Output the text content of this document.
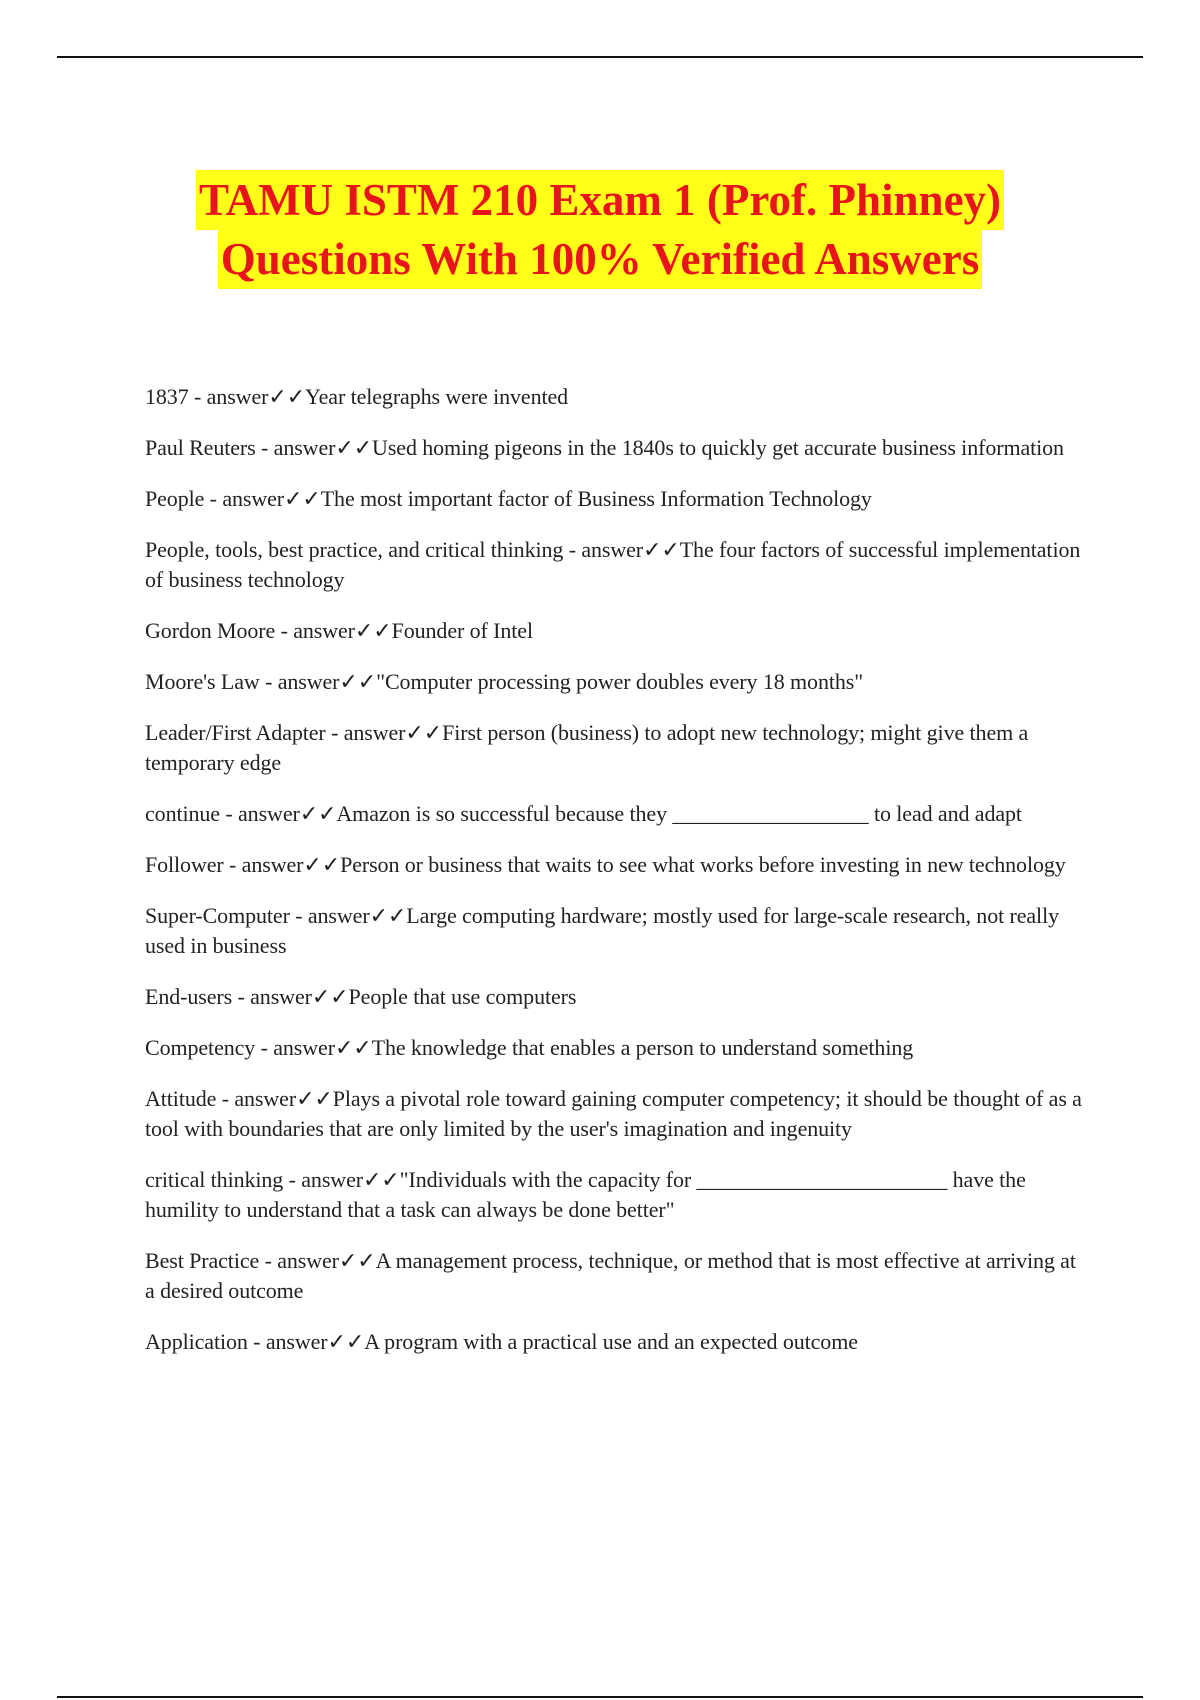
TAMU ISTM 210 Exam 1 (Prof. Phinney)
Questions With 100% Verified Answers
1837 - answer✓✓Year telegraphs were invented
Paul Reuters - answer✓✓Used homing pigeons in the 1840s to quickly get accurate business information
People - answer✓✓The most important factor of Business Information Technology
People, tools, best practice, and critical thinking - answer✓✓The four factors of successful implementation of business technology
Gordon Moore - answer✓✓Founder of Intel
Moore's Law - answer✓✓"Computer processing power doubles every 18 months"
Leader/First Adapter - answer✓✓First person (business) to adopt new technology; might give them a temporary edge
continue - answer✓✓Amazon is so successful because they __________________ to lead and adapt
Follower - answer✓✓Person or business that waits to see what works before investing in new technology
Super-Computer - answer✓✓Large computing hardware; mostly used for large-scale research, not really used in business
End-users - answer✓✓People that use computers
Competency - answer✓✓The knowledge that enables a person to understand something
Attitude - answer✓✓Plays a pivotal role toward gaining computer competency; it should be thought of as a tool with boundaries that are only limited by the user's imagination and ingenuity
critical thinking - answer✓✓"Individuals with the capacity for _______________________ have the humility to understand that a task can always be done better"
Best Practice - answer✓✓A management process, technique, or method that is most effective at arriving at a desired outcome
Application - answer✓✓A program with a practical use and an expected outcome
